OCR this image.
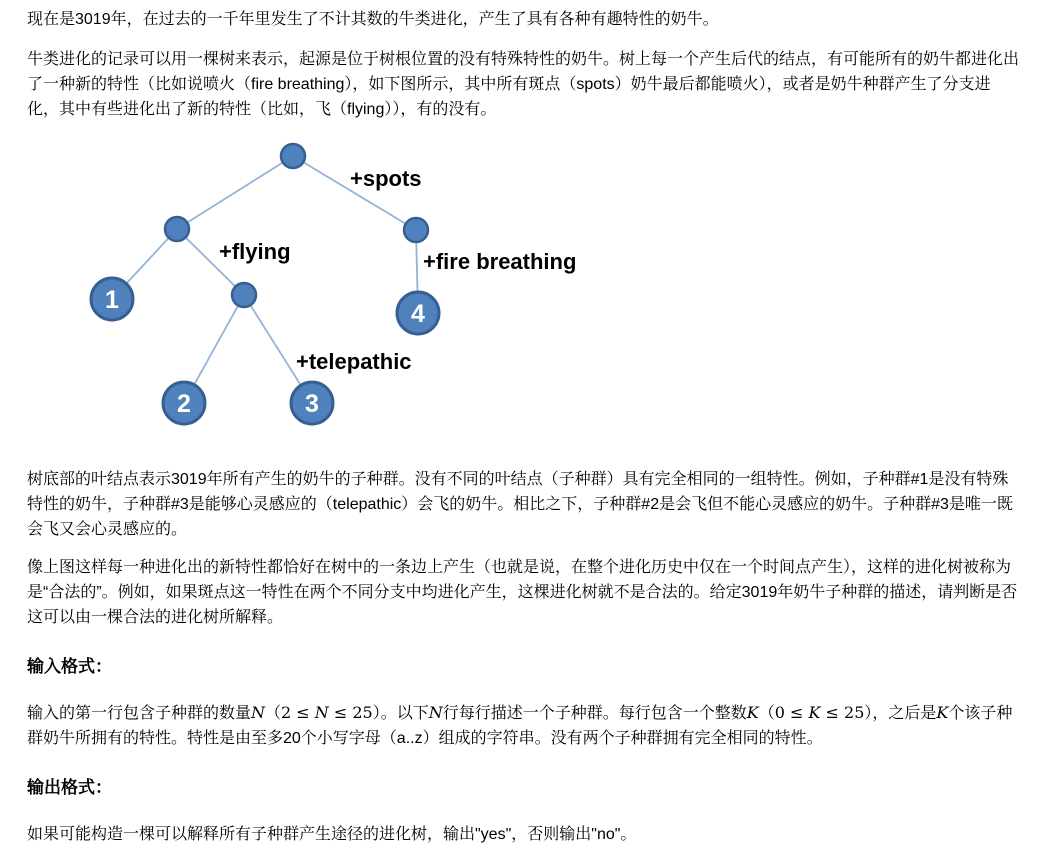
现在是3019年，在过去的一千年里发生了不计其数的牛类进化，产生了具有各种有趣特性的奶牛。

牛类进化的记录可以用一棵树来表示，起源是位于树根位置的没有特殊特性的奶牛。树上每一个产生后代的结点，有可能所有的奶牛都进化出了一种新的特性（比如说喷火（fire breathing），如下图所示，其中所有斑点（spots）奶牛最后都能喷火），或者是奶牛种群产生了分支进化，其中有些进化出了新的特性（比如，飞（flying）），有的没有。

1
2	3
4
+spots
+flying	+fire breathing
+telepathic

树底部的叶结点表示3019年所有产生的奶牛的子种群。没有不同的叶结点（子种群）具有完全相同的一组特性。例如，子种群#1是没有特殊特性的奶牛，子种群#3是能够心灵感应的（telepathic）会飞的奶牛。相比之下，子种群#2是会飞但不能心灵感应的奶牛。子种群#3是唯一既会飞又会心灵感应的。

像上图这样每一种进化出的新特性都恰好在树中的一条边上产生（也就是说，在整个进化历史中仅在一个时间点产生），这样的进化树被称为是“合法的”。例如，如果斑点这一特性在两个不同分支中均进化产生，这棵进化树就不是合法的。给定3019年奶牛子种群的描述，请判断是否这可以由一棵合法的进化树所解释。

输入格式：

输入的第一行包含子种群的数量N（2 ≤ N ≤ 25）。以下N行每行描述一个子种群。每行包含一个整数K（0 ≤ K ≤ 25），之后是K个该子种群奶牛所拥有的特性。特性是由至多20个小写字母（a..z）组成的字符串。没有两个子种群拥有完全相同的特性。

输出格式：

如果可能构造一棵可以解释所有子种群产生途径的进化树，输出"yes"，否则输出"no"。
